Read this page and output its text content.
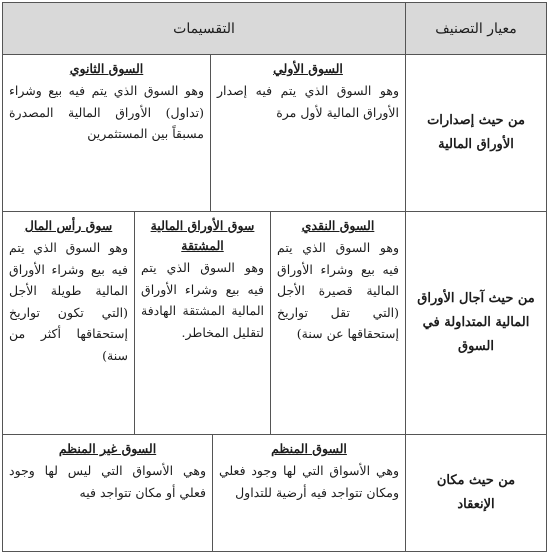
معيار التصنيف
التقسيمات
من حيث إصدارات الأوراق المالية
السوق الأولي
وهو السوق الذي يتم فيه إصدار الأوراق المالية لأول مرة
السوق الثانوي
وهو السوق الذي يتم فيه بيع وشراء (تداول) الأوراق المالية المصدرة مسبقاً بين المستثمرين
من حيث آجال الأوراق المالية المتداولة في السوق
السوق النقدي
وهو السوق الذي يتم فيه بيع وشراء الأوراق المالية قصيرة الأجل (التي تقل تواريخ إستحقاقها عن سنة)
سوق الأوراق المالية المشتقة
وهو السوق الذي يتم فيه بيع وشراء الأوراق المالية المشتقة الهادفة لتقليل المخاطر.
سوق رأس المال
وهو السوق الذي يتم فيه بيع وشراء الأوراق المالية طويلة الأجل (التي تكون تواريخ إستحقاقها أكثر من سنة)
من حيث مكان الإنعقاد
السوق المنظم
وهي الأسواق التي لها وجود فعلي ومكان تتواجد فيه أرضية للتداول
السوق غير المنظم
وهي الأسواق التي ليس لها وجود فعلي أو مكان تتواجد فيه
